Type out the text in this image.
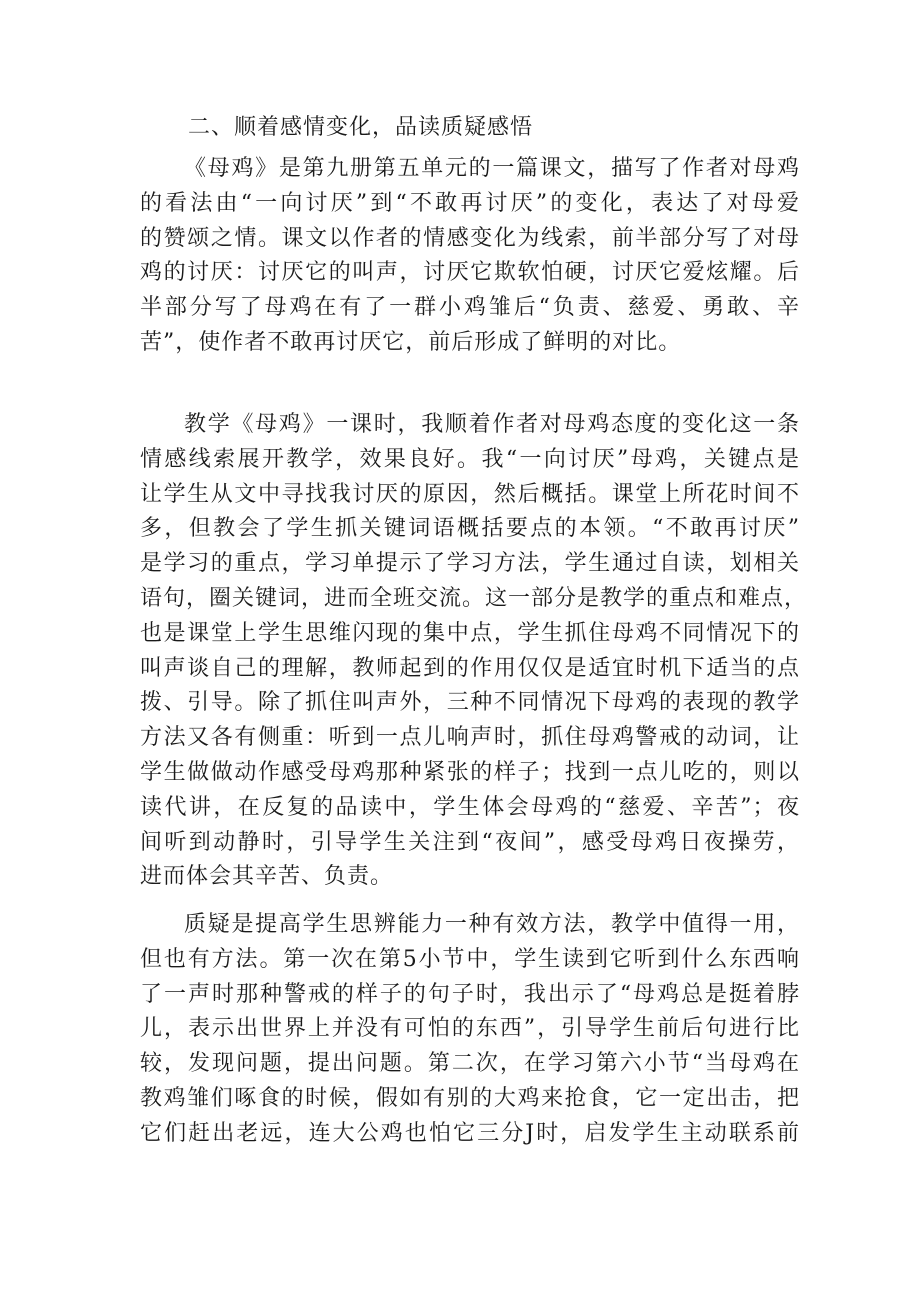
二、顺着感情变化，品读质疑感悟
《母鸡》是第九册第五单元的一篇课文，描写了作者对母鸡
的看法由“一向讨厌”到“不敢再讨厌”的变化，表达了对母爱
的赞颂之情。课文以作者的情感变化为线索，前半部分写了对母
鸡的讨厌：讨厌它的叫声，讨厌它欺软怕硬，讨厌它爱炫耀。后
半部分写了母鸡在有了一群小鸡雏后“负责、慈爱、勇敢、辛
苦”，使作者不敢再讨厌它，前后形成了鲜明的对比。
教学《母鸡》一课时，我顺着作者对母鸡态度的变化这一条
情感线索展开教学，效果良好。我“一向讨厌”母鸡，关键点是
让学生从文中寻找我讨厌的原因，然后概括。课堂上所花时间不
多，但教会了学生抓关键词语概括要点的本领。“不敢再讨厌”
是学习的重点，学习单提示了学习方法，学生通过自读，划相关
语句，圈关键词，进而全班交流。这一部分是教学的重点和难点，
也是课堂上学生思维闪现的集中点，学生抓住母鸡不同情况下的
叫声谈自己的理解，教师起到的作用仅仅是适宜时机下适当的点
拨、引导。除了抓住叫声外，三种不同情况下母鸡的表现的教学
方法又各有侧重：听到一点儿响声时，抓住母鸡警戒的动词，让
学生做做动作感受母鸡那种紧张的样子；找到一点儿吃的，则以
读代讲，在反复的品读中，学生体会母鸡的“慈爱、辛苦”；夜
间听到动静时，引导学生关注到“夜间”，感受母鸡日夜操劳，
进而体会其辛苦、负责。
质疑是提高学生思辨能力一种有效方法，教学中值得一用，
但也有方法。第一次在第5小节中，学生读到它听到什么东西响
了一声时那种警戒的样子的句子时，我出示了“母鸡总是挺着脖
儿，表示出世界上并没有可怕的东西”，引导学生前后句进行比
较，发现问题，提出问题。第二次，在学习第六小节“当母鸡在
教鸡雏们啄食的时候，假如有别的大鸡来抢食，它一定出击，把
它们赶出老远，连大公鸡也怕它三分J时，启发学生主动联系前
